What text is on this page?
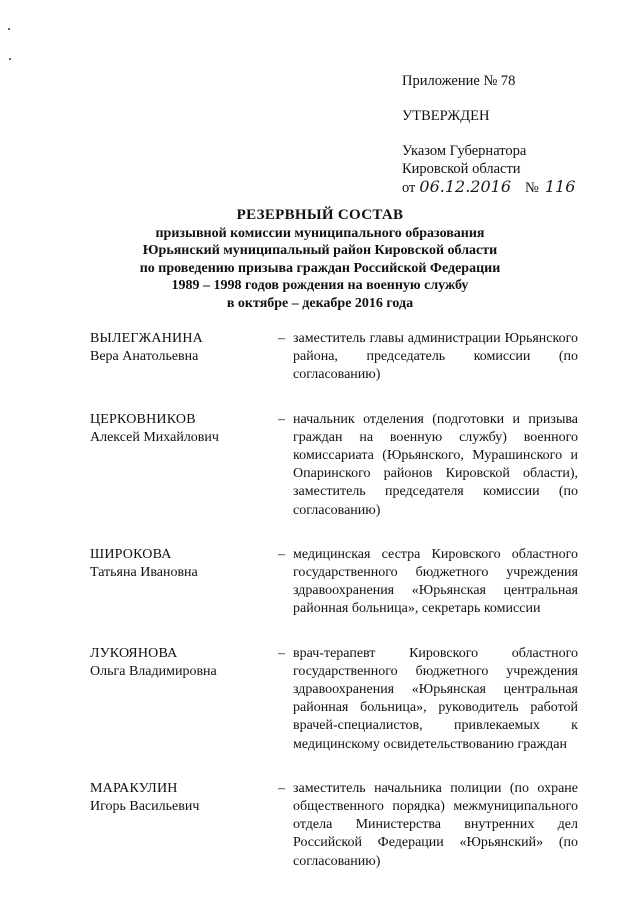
Приложение № 78
УТВЕРЖДЕН
Указом Губернатора
Кировской области
от 06.12.2016 № 116
РЕЗЕРВНЫЙ СОСТАВ
призывной комиссии муниципального образования
Юрьянский муниципальный район Кировской области
по проведению призыва граждан Российской Федерации
1989 – 1998 годов рождения на военную службу
в октябре – декабре 2016 года
ВЫЛЕГЖАНИНА
Вера Анатольевна
– заместитель главы администрации Юрьянского района, председатель комиссии (по согласованию)
ЦЕРКОВНИКОВ
Алексей Михайлович
– начальник отделения (подготовки и призыва граждан на военную службу) военного комиссариата (Юрьянского, Мурашинского и Опаринского районов Кировской области), заместитель председателя комиссии (по согласованию)
ШИРОКОВА
Татьяна Ивановна
– медицинская сестра Кировского областного государственного бюджетного учреждения здравоохранения «Юрьянская центральная районная больница», секретарь комиссии
ЛУКОЯНОВА
Ольга Владимировна
– врач-терапевт Кировского областного государственного бюджетного учреждения здравоохранения «Юрьянская центральная районная больница», руководитель работой врачей-специалистов, привлекаемых к медицинскому освидетельствованию граждан
МАРАКУЛИН
Игорь Васильевич
– заместитель начальника полиции (по охране общественного порядка) межмуниципального отдела Министерства внутренних дел Российской Федерации «Юрьянский» (по согласованию)
